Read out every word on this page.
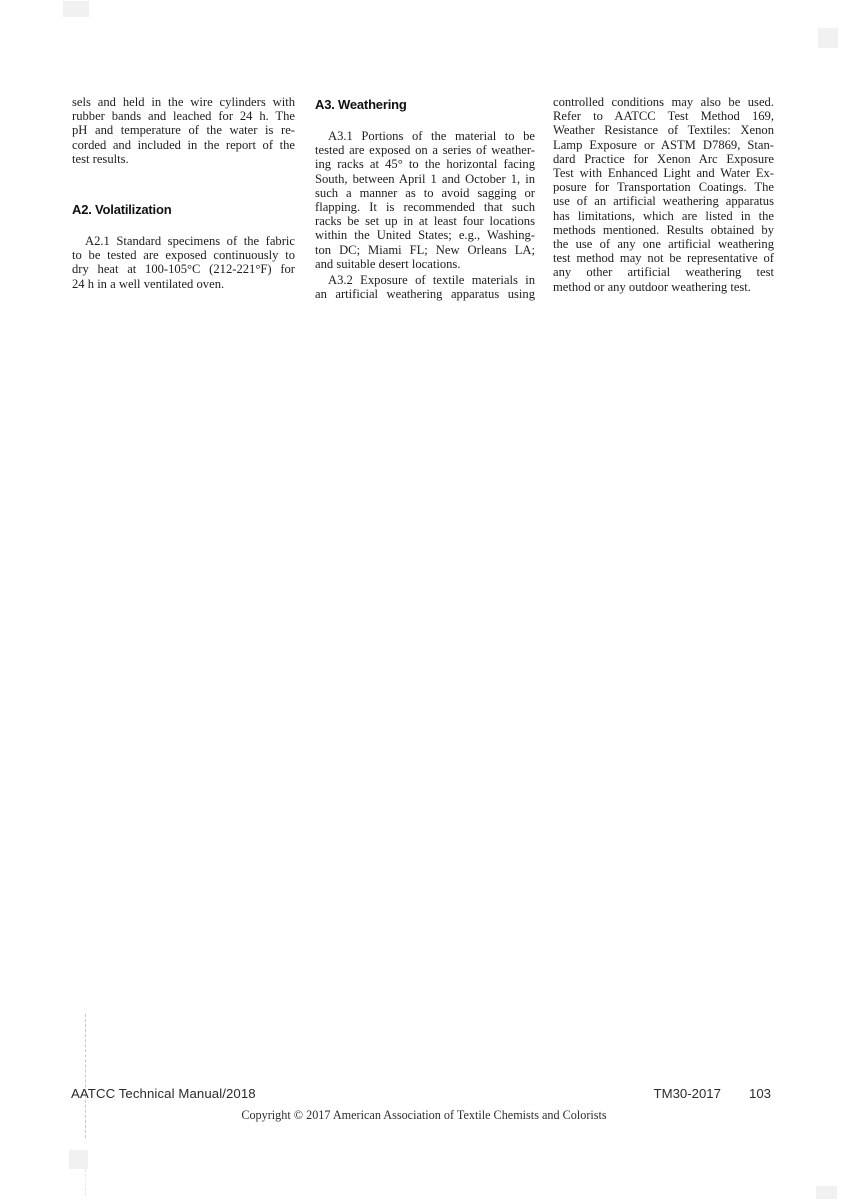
sels and held in the wire cylinders with
rubber bands and leached for 24 h. The
pH and temperature of the water is re-
corded and included in the report of the
test results.
A2. Volatilization
A2.1 Standard specimens of the fabric
to be tested are exposed continuously to
dry heat at 100-105°C (212-221°F) for
24 h in a well ventilated oven.
A3. Weathering
A3.1 Portions of the material to be
tested are exposed on a series of weather-
ing racks at 45° to the horizontal facing
South, between April 1 and October 1, in
such a manner as to avoid sagging or
flapping. It is recommended that such
racks be set up in at least four locations
within the United States; e.g., Washing-
ton DC; Miami FL; New Orleans LA;
and suitable desert locations.
A3.2 Exposure of textile materials in
an artificial weathering apparatus using
controlled conditions may also be used.
Refer to AATCC Test Method 169,
Weather Resistance of Textiles: Xenon
Lamp Exposure or ASTM D7869, Stan-
dard Practice for Xenon Arc Exposure
Test with Enhanced Light and Water Ex-
posure for Transportation Coatings. The
use of an artificial weathering apparatus
has limitations, which are listed in the
methods mentioned. Results obtained by
the use of any one artificial weathering
test method may not be representative of
any other artificial weathering test
method or any outdoor weathering test.
AATCC Technical Manual/2018	TM30-2017 103
Copyright © 2017 American Association of Textile Chemists and Colorists
